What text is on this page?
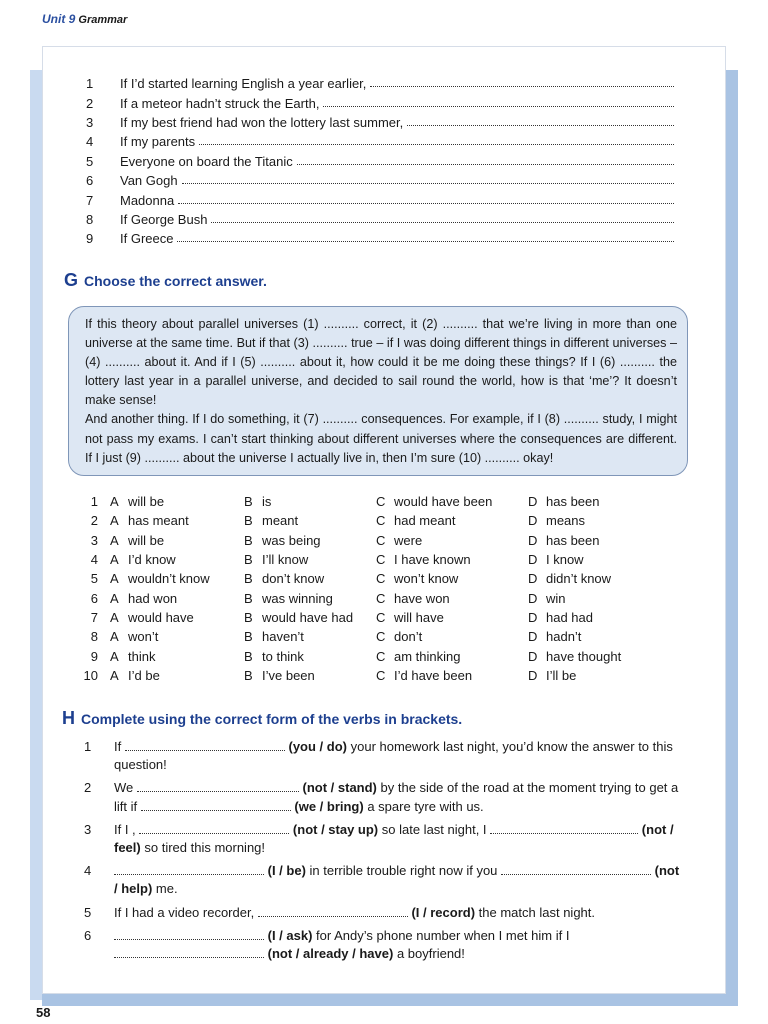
Unit 9 Grammar
1	If I’d started learning English a year earlier,
2	If a meteor hadn’t struck the Earth,
3	If my best friend had won the lottery last summer,
4	If my parents
5	Everyone on board the Titanic
6	Van Gogh
7	Madonna
8	If George Bush
9	If Greece
G Choose the correct answer.

If this theory about parallel universes (1) .......... correct, it (2) .......... that we’re living in more than one universe at the same time. But if that (3) .......... true – if I was doing different things in different universes – (4) .......... about it. And if I (5) .......... about it, how could it be me doing these things? If I (6) .......... the lottery last year in a parallel universe, and decided to sail round the world, how is that ‘me’? It doesn’t make sense!

And another thing. If I do something, it (7) .......... consequences. For example, if I (8) .......... study, I might not pass my exams. I can’t start thinking about different universes where the consequences are different. If I just (9) .......... about the universe I actually live in, then I’m sure (10) .......... okay!

1 A will be	B is	C would have been	D has been
2 A has meant	B meant	C had meant	D means
3 A will be	B was being	C were	D has been
4 A I’d know	B I’ll know	C I have known	D I know
5 A wouldn’t know	B don’t know	C won’t know	D didn’t know
6 A had won	B was winning	C have won	D win
7 A would have	B would have had C will have	D had had
8 A won’t	B haven’t	C don’t	D hadn’t
9 A think	B to think	C am thinking	D have thought
10 A I’d be	B I’ve been	C I’d have been	D I’ll be
H Complete using the correct form of the verbs in brackets.
1	If	(you / do) your homework last night, you’d know the answer to this question!
2	We	(not / stand) by the side of the road at the moment trying to get a lift if	(we / bring) a spare tyre with us.
3	If I ,	(not / stay up) so late last night, I	(not / feel) so tired this morning!
4	(I / be) in terrible trouble right now if you	(not / help) me.
5	If I had a video recorder,	(I / record) the match last night.
6	(I / ask) for Andy’s phone number when I met him if I  (not / already / have) a boyfriend!
58
